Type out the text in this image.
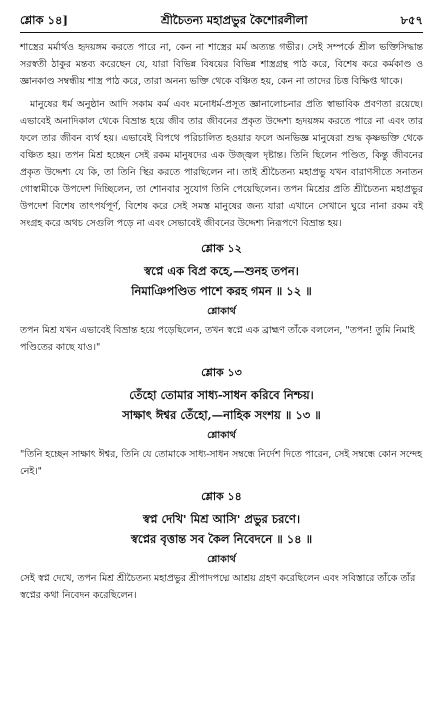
শ্লোক ১৪]	শ্রীচৈতন্য মহাপ্রভুর কৈশোরলীলা	৮৫৭

শাস্ত্রের মর্মার্থও হৃদয়ঙ্গম করতে পারে না, কেন না শাস্ত্রের মর্ম অত্যন্ত গভীর। সেই সম্পর্কে শ্রীল ভক্তিসিদ্ধান্ত সরস্বতী ঠাকুর মন্তব্য করেছেন যে, যারা বিভিন্ন বিষয়ের বিভিন্ন শাস্ত্রগ্রন্থ পাঠ করে, বিশেষ করে কর্মকাণ্ড ও জ্ঞানকাণ্ড সম্বন্ধীয় শাস্ত্র পাঠ করে, তারা অনন্য ভক্তি থেকে বঞ্চিত হয়, কেন না তাদের চিত্ত বিক্ষিপ্ত থাকে।

মানুষের ধর্ম অনুষ্ঠান আদি সকাম কর্ম এবং মনোধর্ম-প্রসূত জ্ঞানালোচনার প্রতি স্বাভাবিক প্রবণতা রয়েছে। এভাবেই অনাদিকাল থেকে বিভ্রান্ত হয়ে জীব তার জীবনের প্রকৃত উদ্দেশ্য হৃদয়ঙ্গম করতে পারে না এবং তার ফলে তার জীবন ব্যর্থ হয়। এভাবেই বিপথে পরিচালিত হওয়ার ফলে অনভিজ্ঞ মানুষেরা শুদ্ধ কৃষ্ণভক্তি থেকে বঞ্চিত হয়। তপন মিশ্র হচ্ছেন সেই রকম মানুষদের এক উজ্জ্বল দৃষ্টান্ত। তিনি ছিলেন পণ্ডিত, কিন্তু জীবনের প্রকৃত উদ্দেশ্য যে কি, তা তিনি স্থির করতে পারছিলেন না। তাই শ্রীচৈতন্য মহাপ্রভু যখন বারাণসীতে সনাতন গোস্বামীকে উপদেশ দিচ্ছিলেন, তা শোনবার সুযোগ তিনি পেয়েছিলেন। তপন মিশ্রের প্রতি শ্রীচৈতন্য মহাপ্রভুর উপদেশ বিশেষ তাৎপর্যপূর্ণ, বিশেষ করে সেই সমস্ত মানুষের জন্য যারা এখানে সেখানে ঘুরে নানা রকম বই সংগ্রহ করে অথচ সেগুলি পড়ে না এবং সেভাবেই জীবনের উদ্দেশ্য নিরূপণে বিভ্রান্ত হয়।

শ্লোক ১২

স্বপ্নে এক বিপ্র কহে,—শুনহ তপন।

নিমাঞিপণ্ডিত পাশে করহ গমন ॥ ১২ ॥

শ্লোকার্থ

তপন মিশ্র যখন এভাবেই বিভ্রান্ত হয়ে পড়েছিলেন, তখন স্বপ্নে এক ব্রাহ্মণ তাঁকে বললেন, "তপন! তুমি নিমাই পণ্ডিতের কাছে যাও।"

শ্লোক ১৩

তেঁহো তোমার সাধ্য-সাধন করিবে নিশ্চয়।

সাক্ষাৎ ঈশ্বর তেঁহো,—নাহিক সংশয় ॥ ১৩ ॥

শ্লোকার্থ

"তিনি হচ্ছেন সাক্ষাৎ ঈশ্বর, তিনি যে তোমাকে সাধ্য-সাধন সম্বন্ধে নির্দেশ দিতে পারেন, সেই সম্বন্ধে কোন সন্দেহ নেই।"

শ্লোক ১৪

স্বপ্ন দেখি' মিশ্র আসি' প্রভুর চরণে।

স্বপ্নের বৃত্তান্ত সব কৈল নিবেদনে ॥ ১৪ ॥

শ্লোকার্থ

সেই স্বপ্ন দেখে, তপন মিশ্র শ্রীচৈতন্য মহাপ্রভুর শ্রীপাদপদ্মে আশ্রয় গ্রহণ করেছিলেন এবং সবিস্তারে তাঁকে তাঁর স্বপ্নের কথা নিবেদন করেছিলেন।
